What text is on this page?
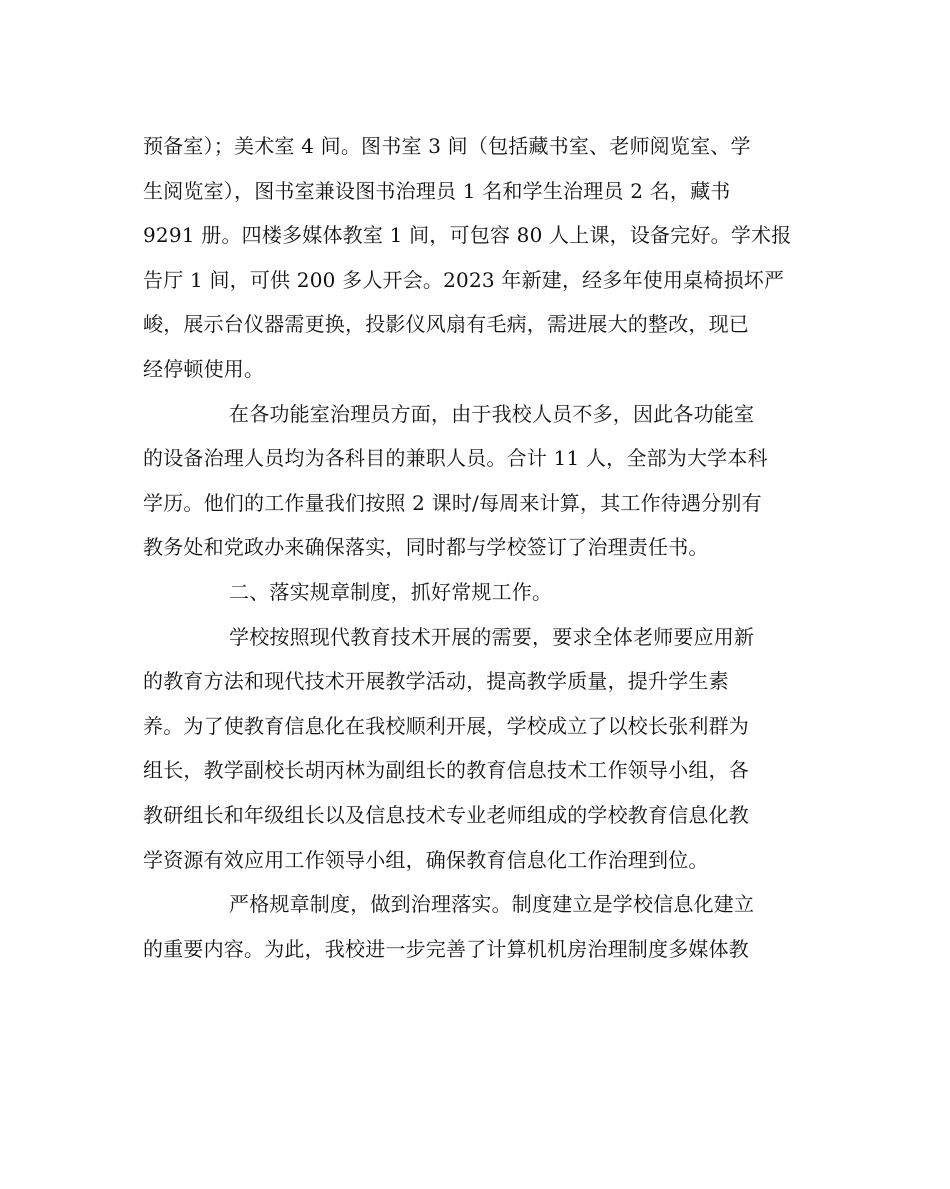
预备室）；美术室 4 间。图书室 3 间（包括藏书室、老师阅览室、学

生阅览室），图书室兼设图书治理员 1 名和学生治理员 2 名，藏书

9291 册。四楼多媒体教室 1 间，可包容 80 人上课，设备完好。学术报

告厅 1 间，可供 200 多人开会。2023 年新建，经多年使用桌椅损坏严

峻，展示台仪器需更换，投影仪风扇有毛病，需进展大的整改，现已

经停顿使用。

在各功能室治理员方面，由于我校人员不多，因此各功能室

的设备治理人员均为各科目的兼职人员。合计 11 人，全部为大学本科

学历。他们的工作量我们按照 2 课时/每周来计算，其工作待遇分别有

教务处和党政办来确保落实，同时都与学校签订了治理责任书。

二、落实规章制度，抓好常规工作。

学校按照现代教育技术开展的需要，要求全体老师要应用新

的教育方法和现代技术开展教学活动，提高教学质量，提升学生素

养。为了使教育信息化在我校顺利开展，学校成立了以校长张利群为

组长，教学副校长胡丙林为副组长的教育信息技术工作领导小组，各

教研组长和年级组长以及信息技术专业老师组成的学校教育信息化教

学资源有效应用工作领导小组，确保教育信息化工作治理到位。

严格规章制度，做到治理落实。制度建立是学校信息化建立

的重要内容。为此，我校进一步完善了计算机机房治理制度多媒体教
